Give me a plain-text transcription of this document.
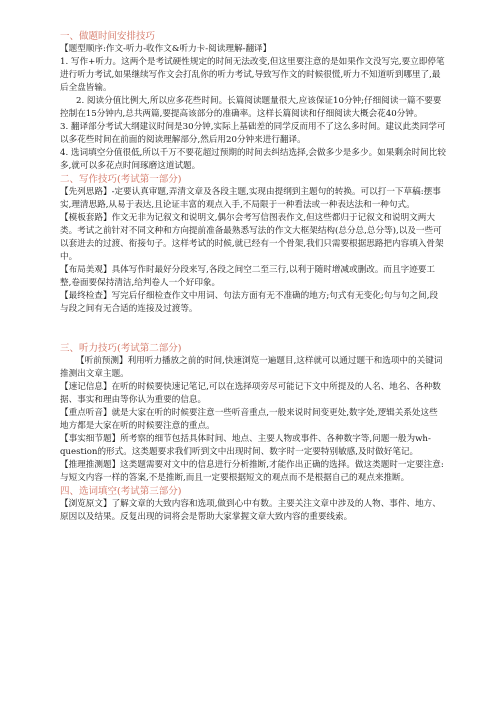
一、做题时间安排技巧

【题型顺序:作文-听力-收作文&听力卡-阅读理解-翻译】

1. 写作+听力。这两个是考试硬性规定的时间无法改变,但这里要注意的是如果作文没写完,要立即停笔进行听力考试,如果继续写作文会打乱你的听力考试,导致写作文的时候很慌,听力不知道听到哪里了,最后全盘皆输。

2. 阅读分值比例大,所以应多花些时间。长篇阅读题量很大,应该保证10分钟;仔细阅读一篇不要要控制在15分钟内,总共两篇,要提高该部分的准确率。这样长篇阅读和仔细阅读大概会花40分钟。

3. 翻译部分考试大纲建议时间是30分钟,实际上基础差的同学反而用不了这么多时间。建议此类同学可以多花些时间在前面的阅读理解部分,然后用20分钟来进行翻译。

4. 选词填空分值很低,所以千万不要花超过预期的时间去纠结选择,会做多少是多少。如果剩余时间比较多,就可以多花点时间琢磨这道试题。

二、写作技巧(考试第一部分)

【先列思路】-定要认真审题,弄清文章及各段主题,实现由提纲到主题句的转换。可以打一下草稿:摆事实,理清思路,从易于表达,且论证丰富的观点入手,不局限于一种看法或一种表达法和一种句式。

【模板套路】作文无非为记叙文和说明文,偶尔会考写信图表作文,但这些都归于记叙文和说明文两大类。考试之前针对不同文种和方向提前准备最熟悉写法的作文大框架结构(总分总,总分等),以及一些可以套进去的过渡、衔接句子。这样考试的时候,就已经有一个骨架,我们只需要根据思路把内容填入骨架中。

【布局美观】具体写作时最好分段来写,各段之间空二至三行,以利于随时增减或删改。而且字迹要工整,卷面要保持清洁,给判卷人一个好印象。

【最终检查】写完后仔细检查作文中用词、句法方面有无不准确的地方;句式有无变化;句与句之间,段与段之间有无合适的连接及过渡等。

三、听力技巧(考试第二部分)

【听前预测】利用听力播放之前的时间,快速浏览一遍题目,这样就可以通过题干和选项中的关键词推测出文章主题。

【速记信息】在听的时候要快速记笔记,可以在选择项旁尽可能记下文中所提及的人名、地名、各种数据、事实和理由等你认为重要的信息。

【重点听音】就是大家在听的时候要注意一些听音重点,一般来说时间变更处,数字处,逻辑关系处这些地方都是大家在听的时候要注意的重点。

【事实细节题】所考察的细节包括具体时间、地点、主要人物或事件、各种数字等,问题一般为wh-question的形式。这类题要求我们听到文中出现时间、数字时一定要特别敏感,及时做好笔记。

【推理推测题】这类题需要对文中的信息进行分析推断,才能作出正确的选择。做这类题时一定要注意:与短文内容一样的答案,不是推断,而且一定要根据短文的观点而不是根据自己的观点来推断。

四、选词填空(考试第三部分)

【浏览原文】了解文章的大致内容和选项,做到心中有数。主要关注文章中涉及的人物、事件、地方、原因以及结果。反复出现的词将会是帮助大家掌握文章大致内容的重要线索。
